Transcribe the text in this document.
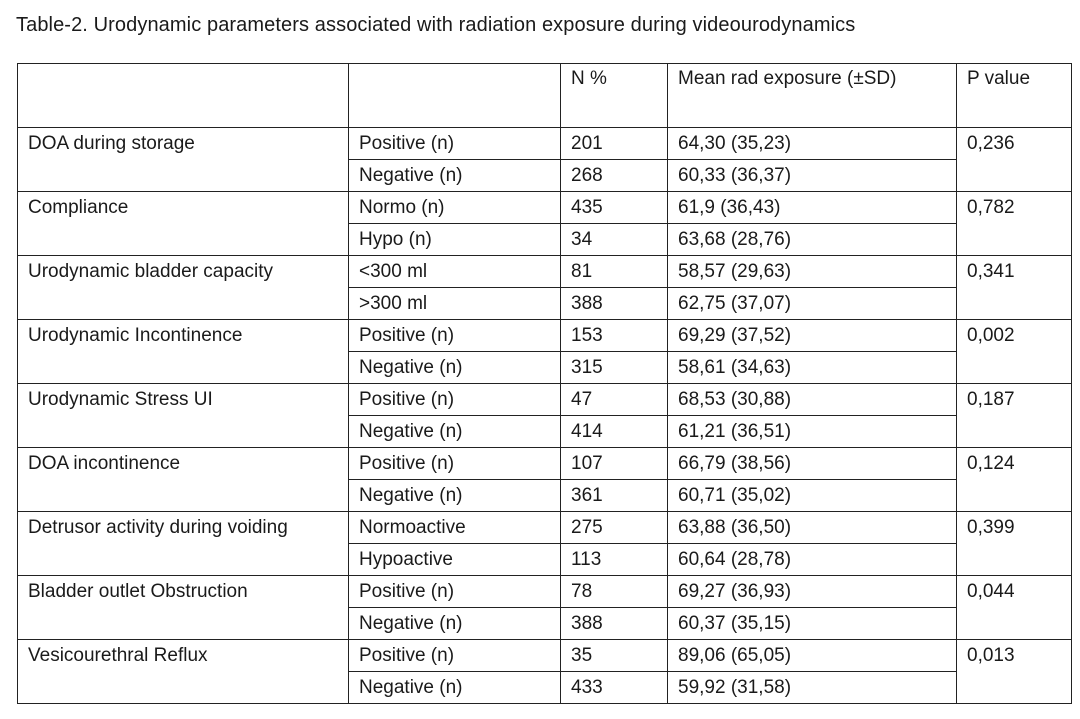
Table-2. Urodynamic parameters associated with radiation exposure during videourodynamics
		N %	Mean rad exposure (±SD)	P value
DOA during storage	Positive (n)	201	64,30 (35,23)	0,236
	Negative (n)	268	60,33 (36,37)	
Compliance	Normo (n)	435	61,9 (36,43)	0,782
	Hypo (n)	34	63,68 (28,76)	
Urodynamic bladder capacity	<300 ml	81	58,57 (29,63)	0,341
	>300 ml	388	62,75 (37,07)	
Urodynamic Incontinence	Positive (n)	153	69,29 (37,52)	0,002
	Negative (n)	315	58,61 (34,63)	
Urodynamic Stress UI	Positive (n)	47	68,53 (30,88)	0,187
	Negative (n)	414	61,21 (36,51)	
DOA incontinence	Positive (n)	107	66,79 (38,56)	0,124
	Negative (n)	361	60,71 (35,02)	
Detrusor activity during voiding	Normoactive	275	63,88 (36,50)	0,399
	Hypoactive	113	60,64 (28,78)	
Bladder outlet Obstruction	Positive (n)	78	69,27 (36,93)	0,044
	Negative (n)	388	60,37 (35,15)	
Vesicourethral Reflux	Positive (n)	35	89,06 (65,05)	0,013
	Negative (n)	433	59,92 (31,58)	
